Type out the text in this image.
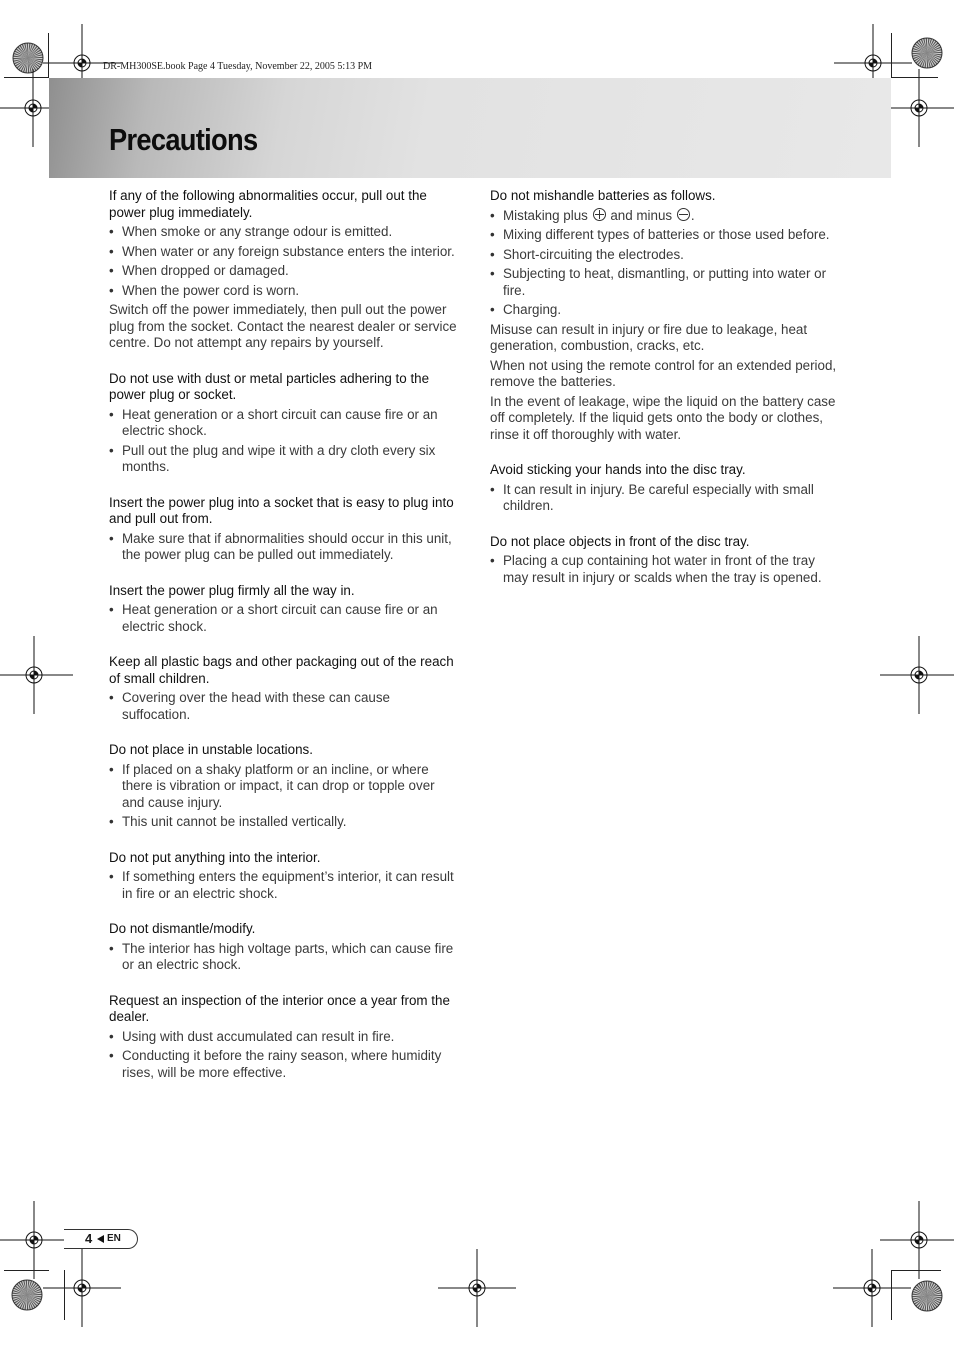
DR-MH300SE.book Page 4 Tuesday, November 22, 2005 5:13 PM
Precautions
If any of the following abnormalities occur, pull out the power plug immediately.
• When smoke or any strange odour is emitted.
• When water or any foreign substance enters the interior.
• When dropped or damaged.
• When the power cord is worn.

Switch off the power immediately, then pull out the power plug from the socket. Contact the nearest dealer or service centre. Do not attempt any repairs by yourself.

Do not use with dust or metal particles adhering to the power plug or socket.
• Heat generation or a short circuit can cause fire or an electric shock.
• Pull out the plug and wipe it with a dry cloth every six months.
Insert the power plug into a socket that is easy to plug into and pull out from.
• Make sure that if abnormalities should occur in this unit, the power plug can be pulled out immediately.
Insert the power plug firmly all the way in.
• Heat generation or a short circuit can cause fire or an electric shock.
Keep all plastic bags and other packaging out of the reach of small children.
• Covering over the head with these can cause suffocation.
Do not place in unstable locations.
• If placed on a shaky platform or an incline, or where there is vibration or impact, it can drop or topple over and cause injury.
• This unit cannot be installed vertically.
Do not put anything into the interior.
• If something enters the equipment’s interior, it can result in fire or an electric shock.
Do not dismantle/modify.
• The interior has high voltage parts, which can cause fire or an electric shock.
Request an inspection of the interior once a year from the dealer.
• Using with dust accumulated can result in fire.
• Conducting it before the rainy season, where humidity rises, will be more effective.
Do not mishandle batteries as follows.
• Mistaking plus and minus .
• Mixing different types of batteries or those used before.
• Short-circuiting the electrodes.
• Subjecting to heat, dismantling, or putting into water or fire.
• Charging.

Misuse can result in injury or fire due to leakage, heat generation, combustion, cracks, etc.

When not using the remote control for an extended period, remove the batteries.

In the event of leakage, wipe the liquid on the battery case off completely. If the liquid gets onto the body or clothes, rinse it off thoroughly with water.

Avoid sticking your hands into the disc tray.
• It can result in injury. Be careful especially with small children.
Do not place objects in front of the disc tray.
• Placing a cup containing hot water in front of the tray may result in injury or scalds when the tray is opened.
4 EN
